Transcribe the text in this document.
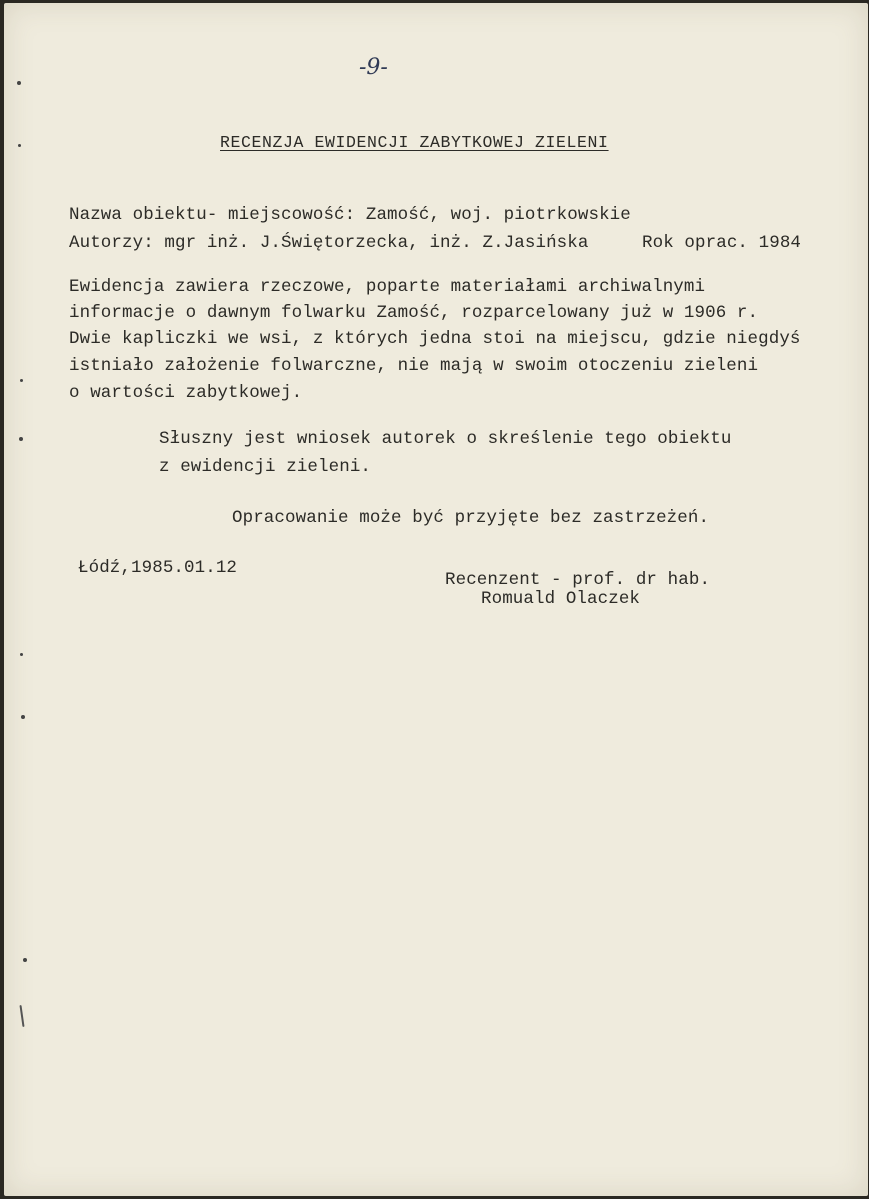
-9-
RECENZJA EWIDENCJI ZABYTKOWEJ ZIELENI
Nazwa obiektu- miejscowość: Zamość, woj. piotrkowskie
Autorzy: mgr inż. J.Świętorzecka, inż. Z.Jasińska	Rok oprac. 1984
Ewidencja zawiera rzeczowe, poparte materiałami archiwalnymi
informacje o dawnym folwarku Zamość, rozparcelowany już w 1906 r.
Dwie kapliczki we wsi, z których jedna stoi na miejscu, gdzie niegdyś
istniało założenie folwarczne, nie mają w swoim otoczeniu zieleni
o wartości zabytkowej.
Słuszny jest wniosek autorek o skreślenie tego obiektu
z ewidencji zieleni.
Opracowanie może być przyjęte bez zastrzeżeń.
Łódź,1985.01.12
Recenzent - prof. dr hab.
Romuald Olaczek
